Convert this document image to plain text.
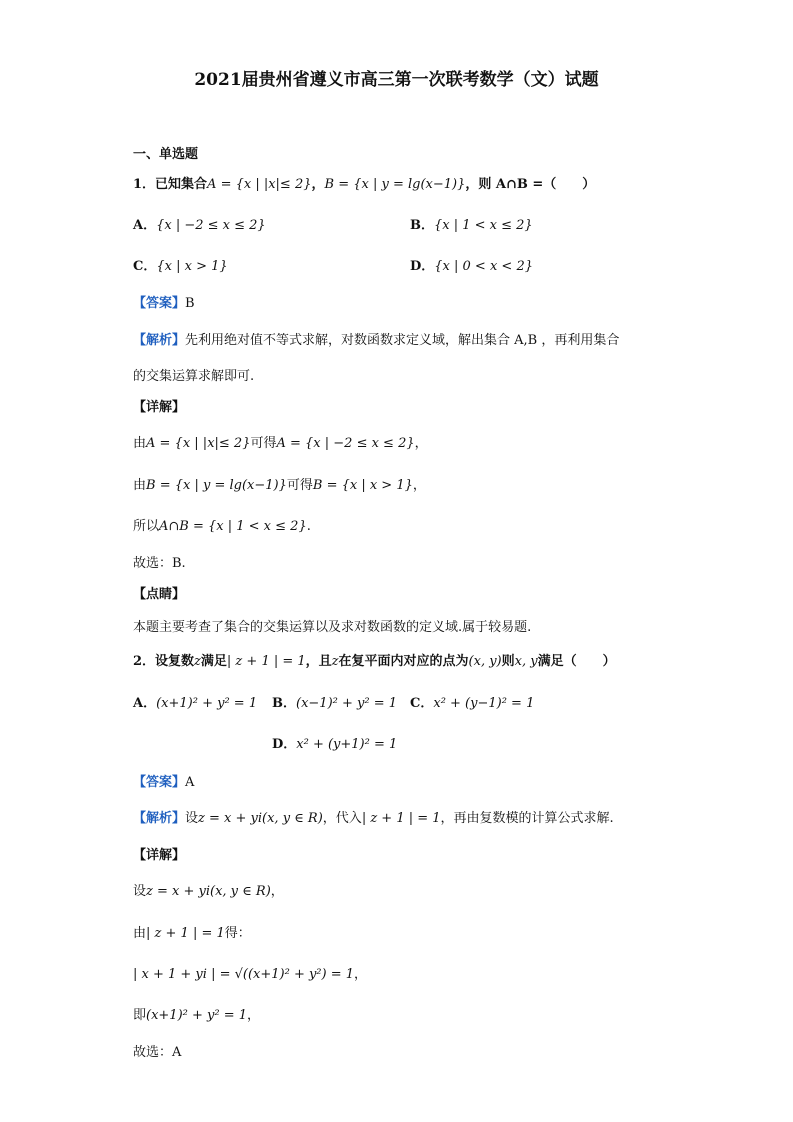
2021届贵州省遵义市高三第一次联考数学（文）试题
一、单选题
1．已知集合A = {x | |x|≤ 2}，B = {x | y = lg(x−1)}，则 A∩B =（　　）
A．{x | −2 ≤ x ≤ 2}	B．{x | 1 < x ≤ 2}
C．{x | x > 1}	D．{x | 0 < x < 2}
【答案】B
【解析】先利用绝对值不等式求解，对数函数求定义域，解出集合 A,B ，再利用集合
的交集运算求解即可.
【详解】
由A = {x | |x|≤ 2}可得A = {x | −2 ≤ x ≤ 2}，
由B = {x | y = lg(x−1)}可得B = {x | x > 1}，
所以A∩B = {x | 1 < x ≤ 2}.
故选：B.
【点睛】
本题主要考查了集合的交集运算以及求对数函数的定义域.属于较易题.
2．设复数z满足| z + 1 | = 1，且z在复平面内对应的点为(x, y)则x, y满足（　　）
A．(x+1)² + y² = 1 B．(x−1)² + y² = 1 C．x² + (y−1)² = 1
D．x² + (y+1)² = 1
【答案】A
【解析】设z = x + yi(x, y ∈ R)，代入| z + 1 | = 1，再由复数模的计算公式求解.
【详解】
设z = x + yi(x, y ∈ R)，
由| z + 1 | = 1得：
| x + 1 + yi | = √((x+1)² + y²) = 1，
即(x+1)² + y² = 1，
故选：A
